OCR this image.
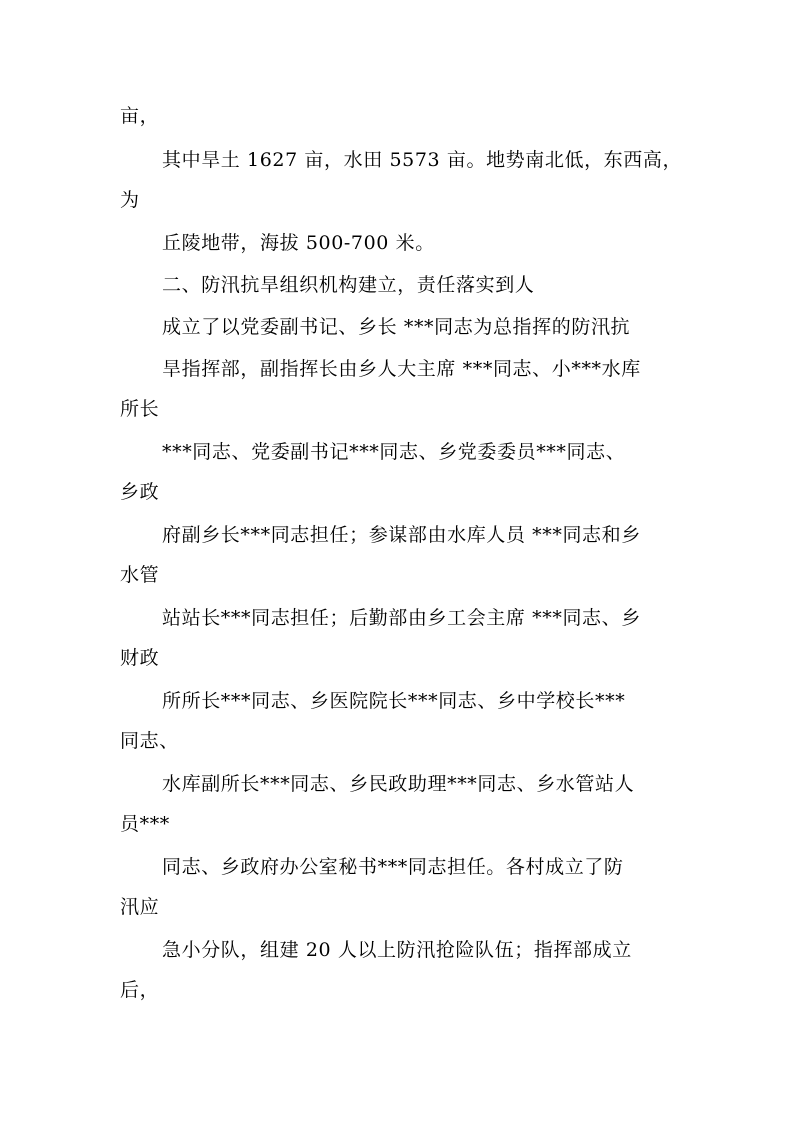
亩，
其中旱土 1627 亩，水田 5573 亩。地势南北低，东西高，
为
丘陵地带，海拔 500-700 米。
二、防汛抗旱组织机构建立，责任落实到人
成立了以党委副书记、乡长 ***同志为总指挥的防汛抗
旱指挥部，副指挥长由乡人大主席 ***同志、小***水库
所长
***同志、党委副书记***同志、乡党委委员***同志、
乡政
府副乡长***同志担任；参谋部由水库人员 ***同志和乡
水管
站站长***同志担任；后勤部由乡工会主席 ***同志、乡
财政
所所长***同志、乡医院院长***同志、乡中学校长***
同志、
水库副所长***同志、乡民政助理***同志、乡水管站人
员***
同志、乡政府办公室秘书***同志担任。各村成立了防
汛应
急小分队，组建 20 人以上防汛抢险队伍；指挥部成立
后，
